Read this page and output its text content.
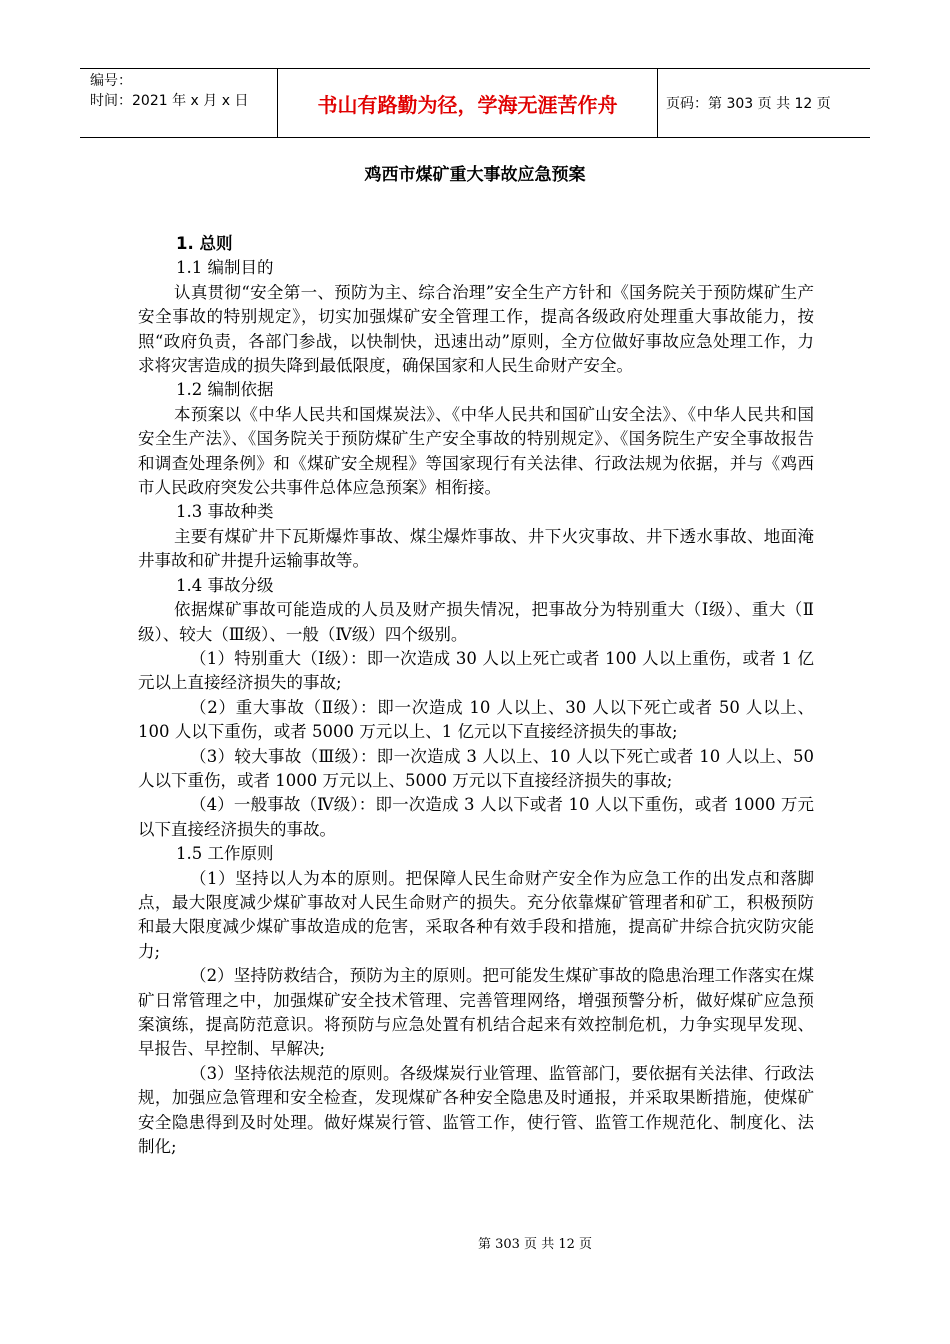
编号：
时间：2021 年 x 月 x 日	书山有路勤为径，学海无涯苦作舟	页码：第 303 页 共 12 页
鸡西市煤矿重大事故应急预案

1. 总则

1.1 编制目的

认真贯彻“安全第一、预防为主、综合治理”安全生产方针和《国务院关于预防煤矿生产安全事故的特别规定》，切实加强煤矿安全管理工作，提高各级政府处理重大事故能力，按照“政府负责，各部门参战，以快制快，迅速出动”原则，全方位做好事故应急处理工作，力求将灾害造成的损失降到最低限度，确保国家和人民生命财产安全。

1.2 编制依据

本预案以《中华人民共和国煤炭法》、《中华人民共和国矿山安全法》、《中华人民共和国安全生产法》、《国务院关于预防煤矿生产安全事故的特别规定》、《国务院生产安全事故报告和调查处理条例》和《煤矿安全规程》等国家现行有关法律、行政法规为依据，并与《鸡西市人民政府突发公共事件总体应急预案》相衔接。

1.3 事故种类

主要有煤矿井下瓦斯爆炸事故、煤尘爆炸事故、井下火灾事故、井下透水事故、地面淹井事故和矿井提升运输事故等。

1.4 事故分级

依据煤矿事故可能造成的人员及财产损失情况，把事故分为特别重大（Ⅰ级）、重大（Ⅱ级）、较大（Ⅲ级）、一般（Ⅳ级）四个级别。

（1）特别重大（Ⅰ级）：即一次造成 30 人以上死亡或者 100 人以上重伤，或者 1 亿元以上直接经济损失的事故;

（2）重大事故（Ⅱ级）：即一次造成 10 人以上、30 人以下死亡或者 50 人以上、100 人以下重伤，或者 5000 万元以上、1 亿元以下直接经济损失的事故;

（3）较大事故（Ⅲ级）：即一次造成 3 人以上、10 人以下死亡或者 10 人以上、50 人以下重伤，或者 1000 万元以上、5000 万元以下直接经济损失的事故;

（4）一般事故（Ⅳ级）：即一次造成 3 人以下或者 10 人以下重伤，或者 1000 万元以下直接经济损失的事故。

1.5 工作原则

（1）坚持以人为本的原则。把保障人民生命财产安全作为应急工作的出发点和落脚点，最大限度减少煤矿事故对人民生命财产的损失。充分依靠煤矿管理者和矿工，积极预防和最大限度减少煤矿事故造成的危害，采取各种有效手段和措施，提高矿井综合抗灾防灾能力;

（2）坚持防救结合，预防为主的原则。把可能发生煤矿事故的隐患治理工作落实在煤矿日常管理之中，加强煤矿安全技术管理、完善管理网络，增强预警分析，做好煤矿应急预案演练，提高防范意识。将预防与应急处置有机结合起来有效控制危机，力争实现早发现、早报告、早控制、早解决;

（3）坚持依法规范的原则。各级煤炭行业管理、监管部门，要依据有关法律、行政法规，加强应急管理和安全检查，发现煤矿各种安全隐患及时通报，并采取果断措施，使煤矿安全隐患得到及时处理。做好煤炭行管、监管工作，使行管、监管工作规范化、制度化、法制化;

第 303 页 共 12 页
